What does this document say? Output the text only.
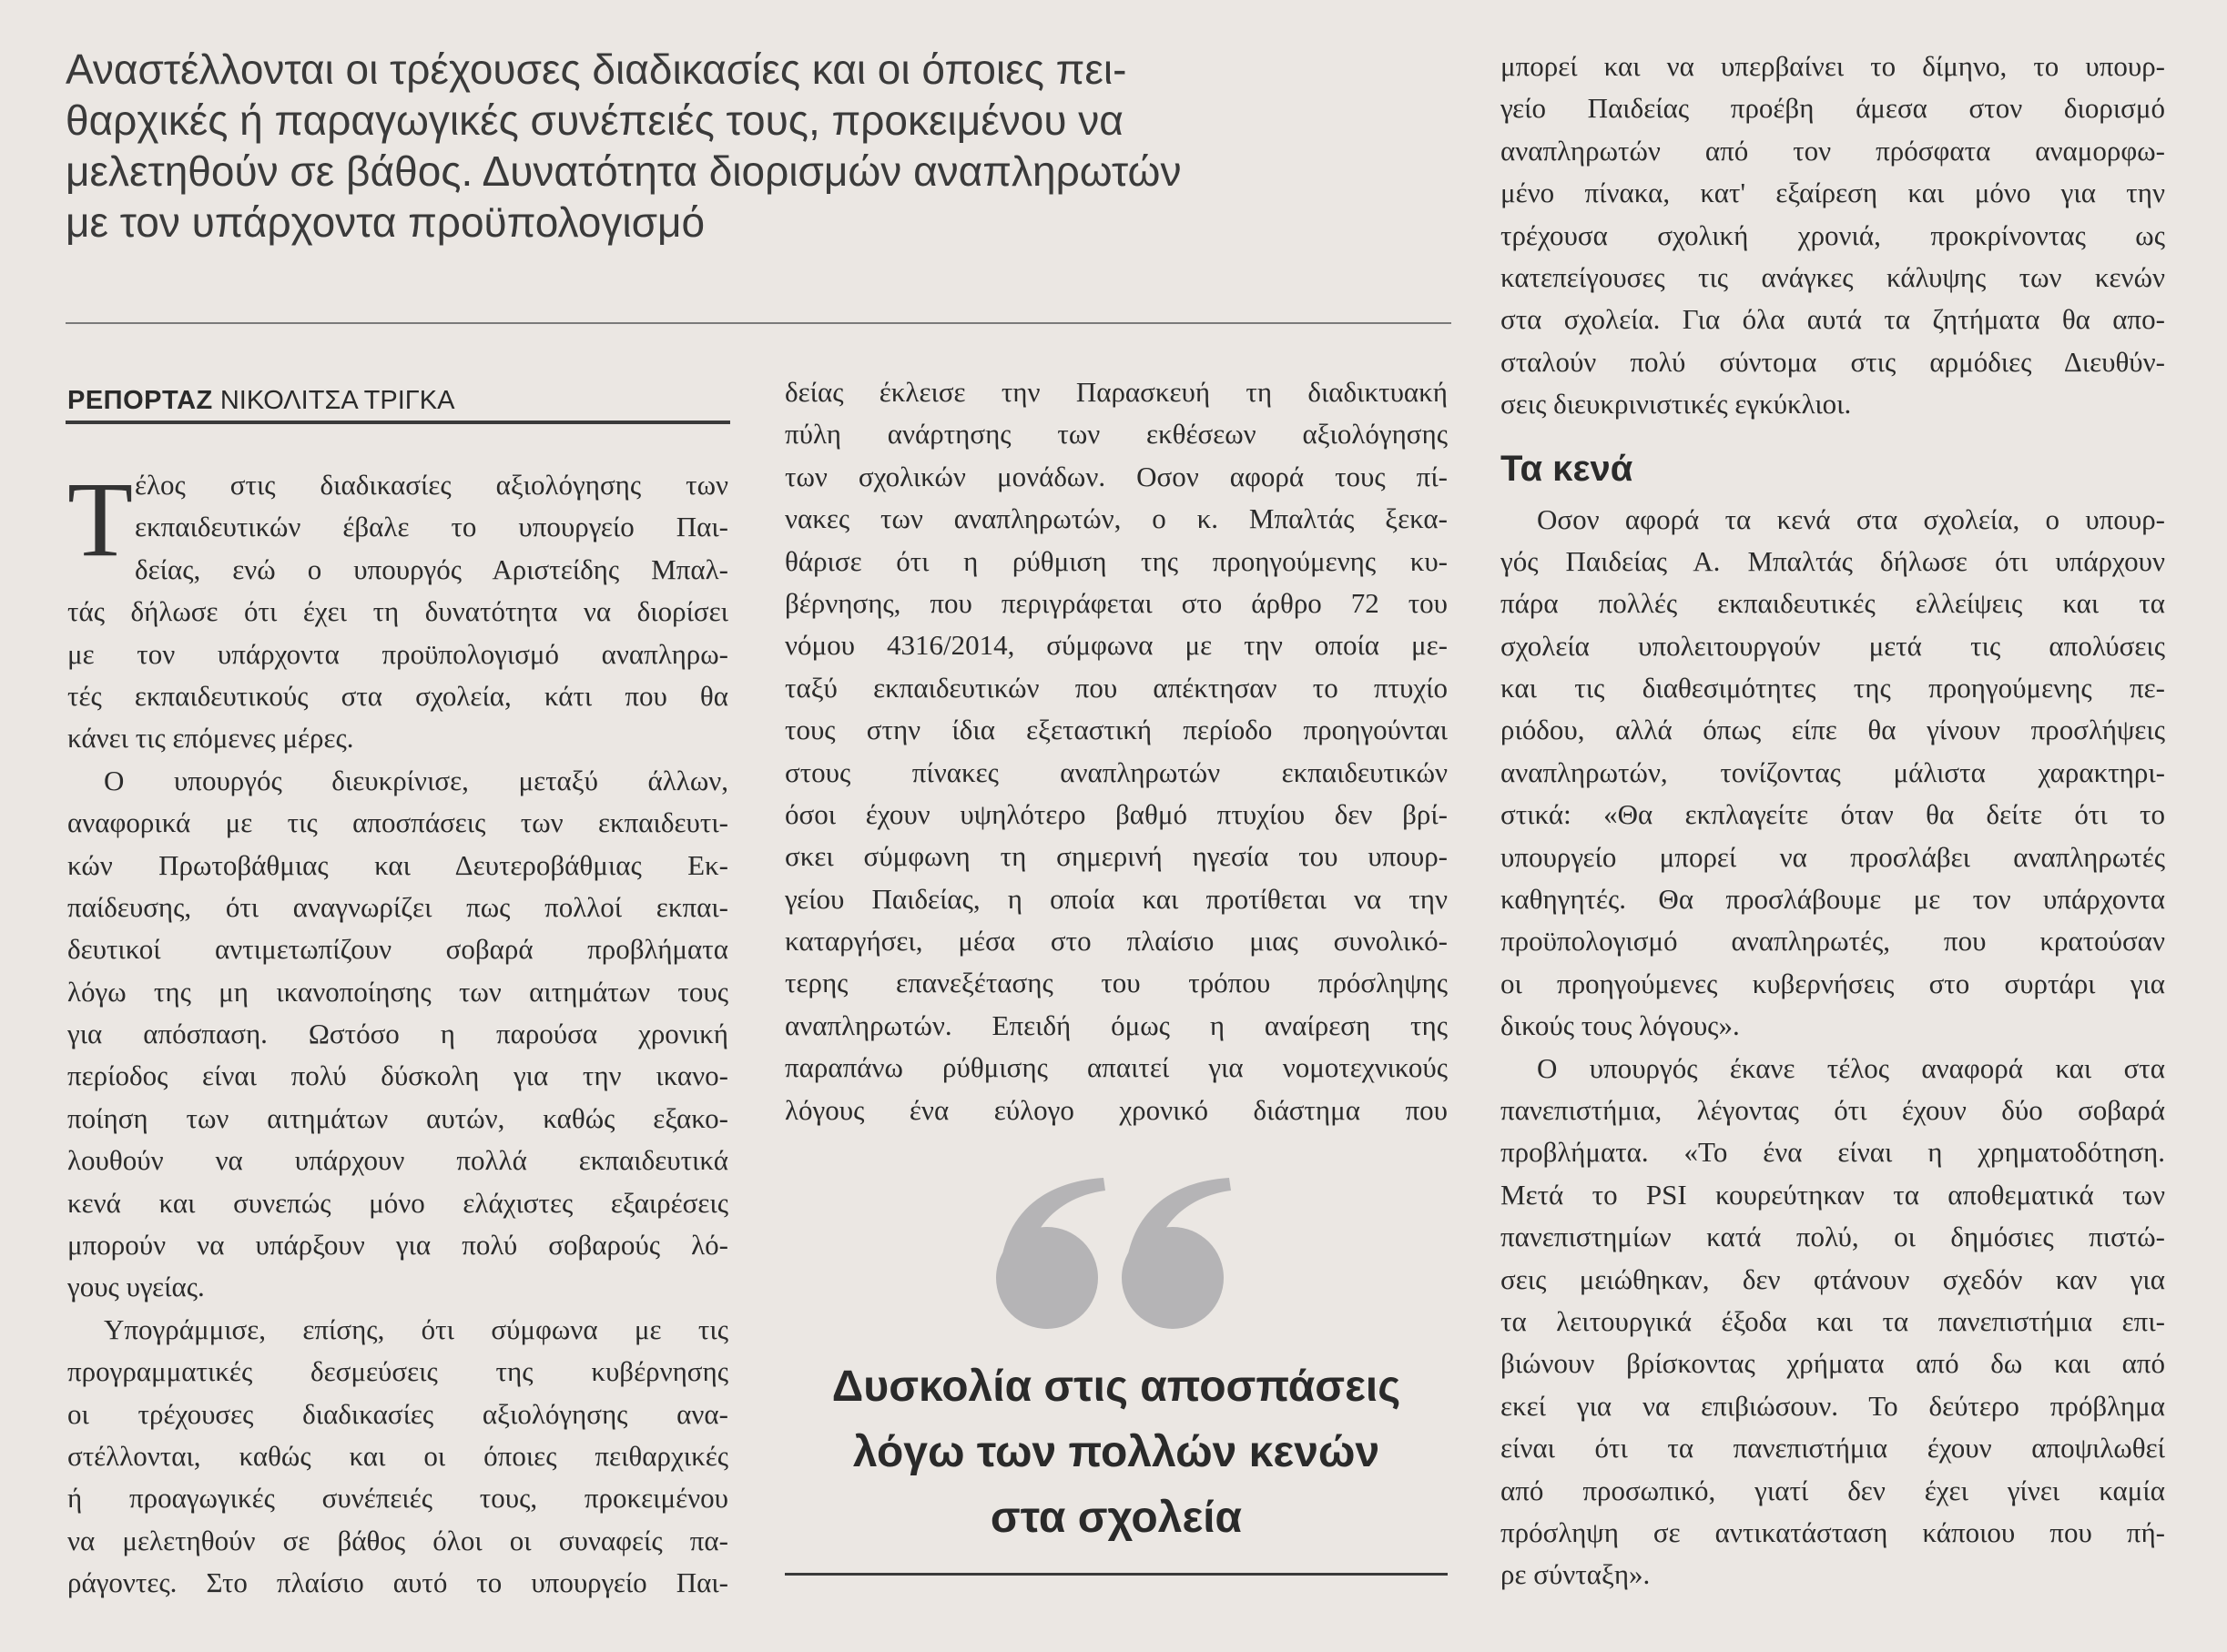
Αναστέλλονται οι τρέχουσες διαδικασίες και οι όποιες πει-
θαρχικές ή παραγωγικές συνέπειές τους, προκειμένου να
μελετηθούν σε βάθος. Δυνατότητα διορισμών αναπληρωτών
με τον υπάρχοντα προϋπολογισμό
ΡΕΠΟΡΤΑΖ ΝΙΚΟΛΙΤΣΑ ΤΡΙΓΚΑ
Τ έλος στις διαδικασίες αξιολόγησης των
εκπαιδευτικών έβαλε το υπουργείο Παι-
δείας, ενώ ο υπουργός Αριστείδης Μπαλ-
τάς δήλωσε ότι έχει τη δυνατότητα να διορίσει
με τον υπάρχοντα προϋπολογισμό αναπληρω-
τές εκπαιδευτικούς στα σχολεία, κάτι που θα
κάνει τις επόμενες μέρες.
Ο υπουργός διευκρίνισε, μεταξύ άλλων,
αναφορικά με τις αποσπάσεις των εκπαιδευτι-
κών Πρωτοβάθμιας και Δευτεροβάθμιας Εκ-
παίδευσης, ότι αναγνωρίζει πως πολλοί εκπαι-
δευτικοί αντιμετωπίζουν σοβαρά προβλήματα
λόγω της μη ικανοποίησης των αιτημάτων τους
για απόσπαση. Ωστόσο η παρούσα χρονική
περίοδος είναι πολύ δύσκολη για την ικανο-
ποίηση των αιτημάτων αυτών, καθώς εξακο-
λουθούν να υπάρχουν πολλά εκπαιδευτικά
κενά και συνεπώς μόνο ελάχιστες εξαιρέσεις
μπορούν να υπάρξουν για πολύ σοβαρούς λό-
γους υγείας.
Υπογράμμισε, επίσης, ότι σύμφωνα με τις
προγραμματικές δεσμεύσεις της κυβέρνησης
οι τρέχουσες διαδικασίες αξιολόγησης ανα-
στέλλονται, καθώς και οι όποιες πειθαρχικές
ή προαγωγικές συνέπειές τους, προκειμένου
να μελετηθούν σε βάθος όλοι οι συναφείς πα-
ράγοντες. Στο πλαίσιο αυτό το υπουργείο Παι-
δείας έκλεισε την Παρασκευή τη διαδικτυακή
πύλη ανάρτησης των εκθέσεων αξιολόγησης
των σχολικών μονάδων. Οσον αφορά τους πί-
νακες των αναπληρωτών, ο κ. Μπαλτάς ξεκα-
θάρισε ότι η ρύθμιση της προηγούμενης κυ-
βέρνησης, που περιγράφεται στο άρθρο 72 του
νόμου 4316/2014, σύμφωνα με την οποία με-
ταξύ εκπαιδευτικών που απέκτησαν το πτυχίο
τους στην ίδια εξεταστική περίοδο προηγούνται
στους πίνακες αναπληρωτών εκπαιδευτικών
όσοι έχουν υψηλότερο βαθμό πτυχίου δεν βρί-
σκει σύμφωνη τη σημερινή ηγεσία του υπουρ-
γείου Παιδείας, η οποία και προτίθεται να την
καταργήσει, μέσα στο πλαίσιο μιας συνολικό-
τερης επανεξέτασης του τρόπου πρόσληψης
αναπληρωτών. Επειδή όμως η αναίρεση της
παραπάνω ρύθμισης απαιτεί για νομοτεχνικούς
λόγους ένα εύλογο χρονικό διάστημα που
Δυσκολία στις αποσπάσεις
λόγω των πολλών κενών
στα σχολεία
μπορεί και να υπερβαίνει το δίμηνο, το υπουρ-
γείο Παιδείας προέβη άμεσα στον διορισμό
αναπληρωτών από τον πρόσφατα αναμορφω-
μένο πίνακα, κατ' εξαίρεση και μόνο για την
τρέχουσα σχολική χρονιά, προκρίνοντας ως
κατεπείγουσες τις ανάγκες κάλυψης των κενών
στα σχολεία. Για όλα αυτά τα ζητήματα θα απο-
σταλούν πολύ σύντομα στις αρμόδιες Διευθύν-
σεις διευκρινιστικές εγκύκλιοι.
Τα κενά
Οσον αφορά τα κενά στα σχολεία, ο υπουρ-
γός Παιδείας Α. Μπαλτάς δήλωσε ότι υπάρχουν
πάρα πολλές εκπαιδευτικές ελλείψεις και τα
σχολεία υπολειτουργούν μετά τις απολύσεις
και τις διαθεσιμότητες της προηγούμενης πε-
ριόδου, αλλά όπως είπε θα γίνουν προσλήψεις
αναπληρωτών, τονίζοντας μάλιστα χαρακτηρι-
στικά: «Θα εκπλαγείτε όταν θα δείτε ότι το
υπουργείο μπορεί να προσλάβει αναπληρωτές
καθηγητές. Θα προσλάβουμε με τον υπάρχοντα
προϋπολογισμό αναπληρωτές, που κρατούσαν
οι προηγούμενες κυβερνήσεις στο συρτάρι για
δικούς τους λόγους».
Ο υπουργός έκανε τέλος αναφορά και στα
πανεπιστήμια, λέγοντας ότι έχουν δύο σοβαρά
προβλήματα. «Το ένα είναι η χρηματοδότηση.
Μετά το PSI κουρεύτηκαν τα αποθεματικά των
πανεπιστημίων κατά πολύ, οι δημόσιες πιστώ-
σεις μειώθηκαν, δεν φτάνουν σχεδόν καν για
τα λειτουργικά έξοδα και τα πανεπιστήμια επι-
βιώνουν βρίσκοντας χρήματα από δω και από
εκεί για να επιβιώσουν. Το δεύτερο πρόβλημα
είναι ότι τα πανεπιστήμια έχουν αποψιλωθεί
από προσωπικό, γιατί δεν έχει γίνει καμία
πρόσληψη σε αντικατάσταση κάποιου που πή-
ρε σύνταξη».
